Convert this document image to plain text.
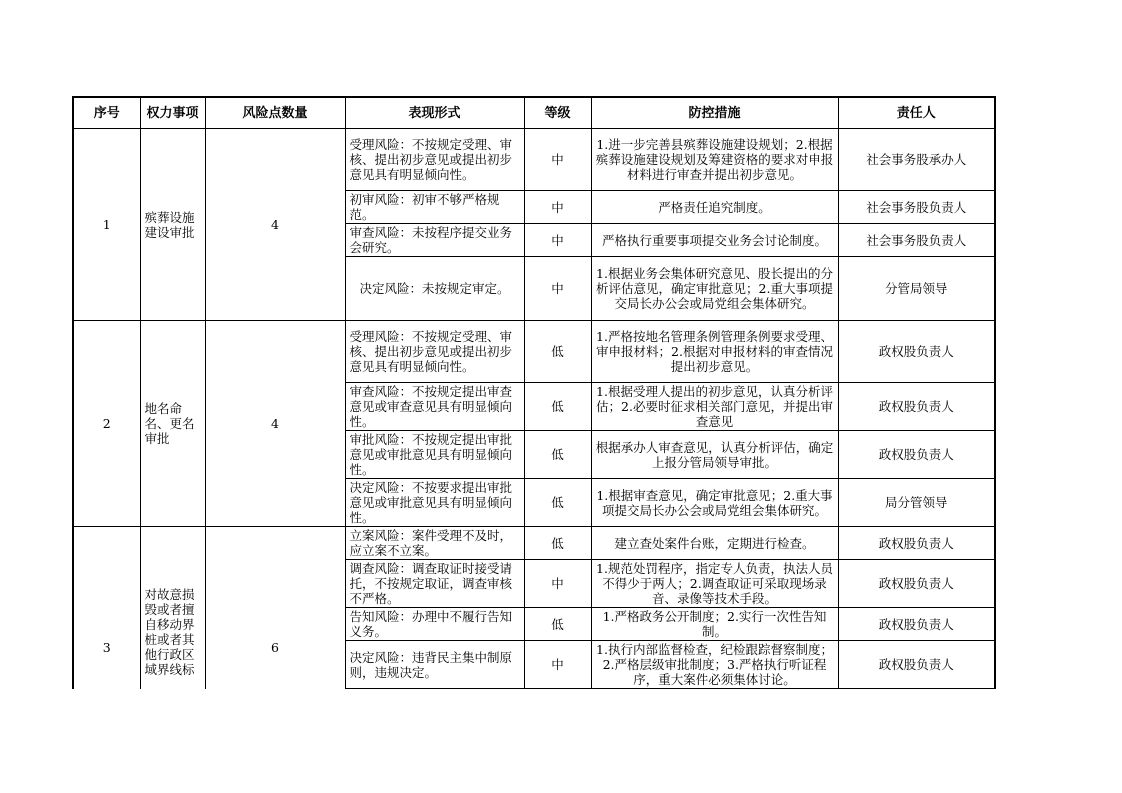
序号	权力事项	风险点数量	表现形式	等级	防控措施	责任人
1	殡葬设施建设审批	4	受理风险：不按规定受理、审核、提出初步意见或提出初步意见具有明显倾向性。	中	1.进一步完善县殡葬设施建设规划；2.根据殡葬设施建设规划及筹建资格的要求对申报材料进行审查并提出初步意见。	社会事务股承办人
			初审风险：初审不够严格规范。	中	严格责任追究制度。	社会事务股负责人
			审查风险：未按程序提交业务会研究。	中	严格执行重要事项提交业务会讨论制度。	社会事务股负责人
			决定风险：未按规定审定。	中	1.根据业务会集体研究意见、股长提出的分析评估意见，确定审批意见；2.重大事项提交局长办公会或局党组会集体研究。	分管局领导
2	地名命名、更名审批	4	受理风险：不按规定受理、审核、提出初步意见或提出初步意见具有明显倾向性。	低	1.严格按地名管理条例管理条例要求受理、审申报材料；2.根据对申报材料的审查情况提出初步意见。	政权股负责人
			审查风险：不按规定提出审查意见或审查意见具有明显倾向性。	低	1.根据受理人提出的初步意见，认真分析评估；2.必要时征求相关部门意见，并提出审查意见	政权股负责人
			审批风险：不按规定提出审批意见或审批意见具有明显倾向性。	低	根据承办人审查意见，认真分析评估，确定上报分管局领导审批。	政权股负责人
			决定风险：不按要求提出审批意见或审批意见具有明显倾向性。	低	1.根据审查意见，确定审批意见；2.重大事项提交局长办公会或局党组会集体研究。	局分管领导
3	对故意损毁或者擅自移动界桩或者其他行政区域界线标	6	立案风险：案件受理不及时，应立案不立案。	低	建立查处案件台账，定期进行检查。	政权股负责人
			调查风险：调查取证时接受请托，不按规定取证，调查审核不严格。	中	1.规范处罚程序，指定专人负责，执法人员不得少于两人；2.调查取证可采取现场录音、录像等技术手段。	政权股负责人
			告知风险：办理中不履行告知义务。	低	1.严格政务公开制度；2.实行一次性告知制。	政权股负责人
			决定风险：违背民主集中制原则，违规决定。	中	1.执行内部监督检查，纪检跟踪督察制度；2.严格层级审批制度；3.严格执行听证程序，重大案件必须集体讨论。	政权股负责人
